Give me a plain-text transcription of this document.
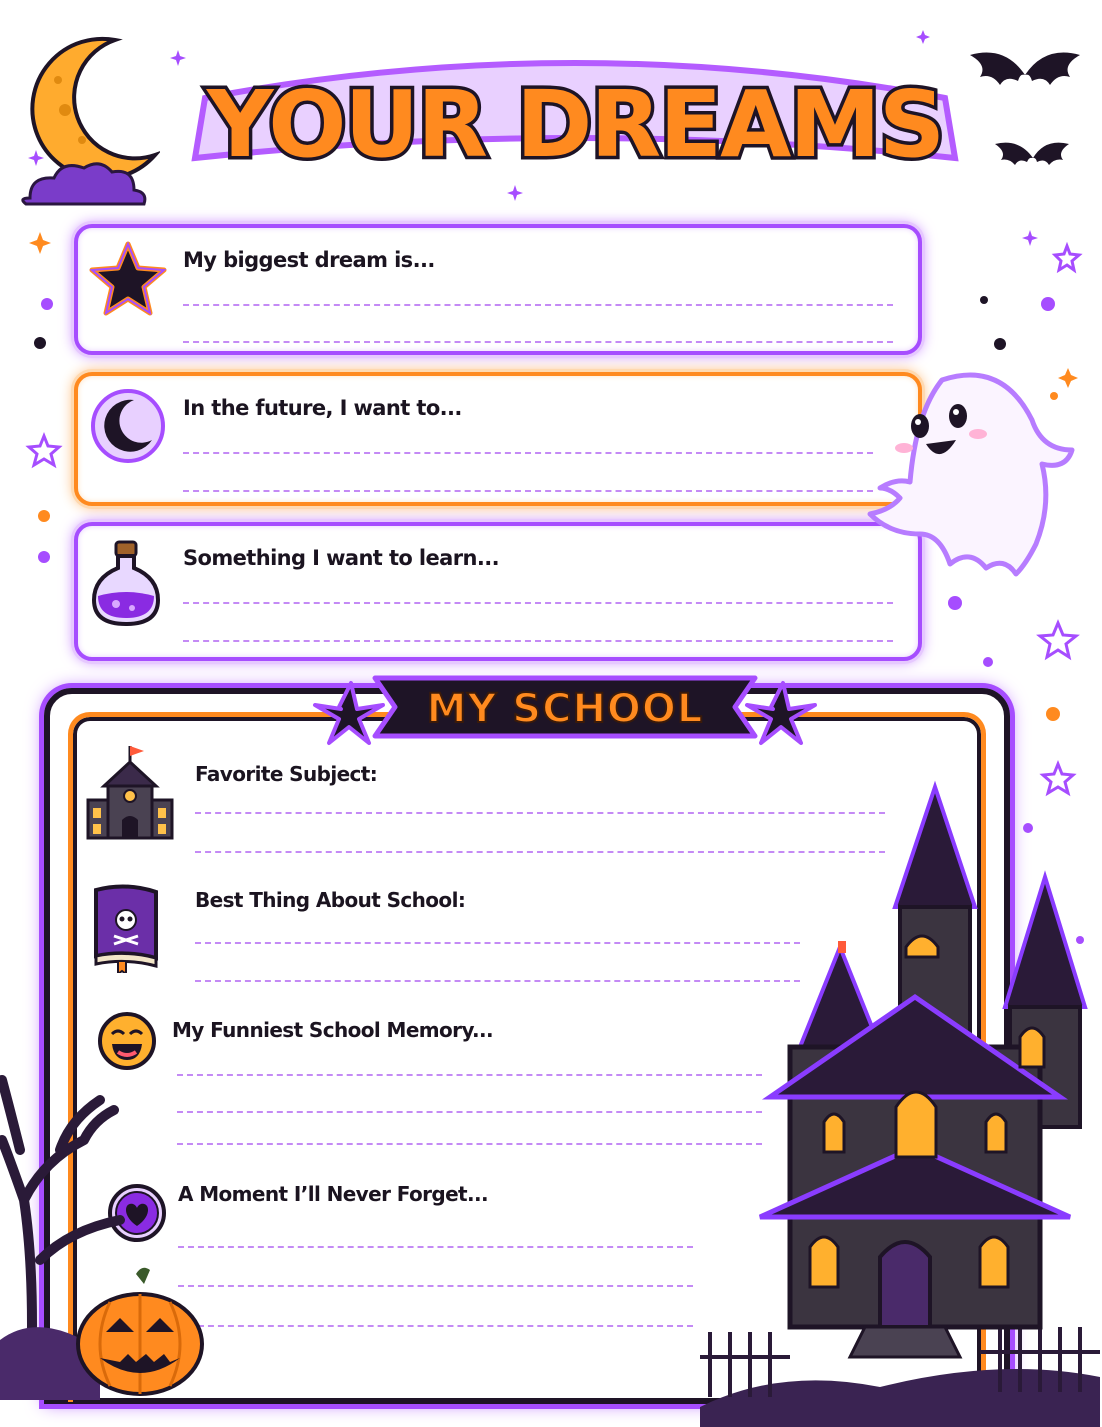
YOUR DREAMS
My biggest dream is...
In the future, I want to...
Something I want to learn...
MY SCHOOL
Favorite Subject:
Best Thing About School:
My Funniest School Memory...
A Moment I’ll Never Forget...
